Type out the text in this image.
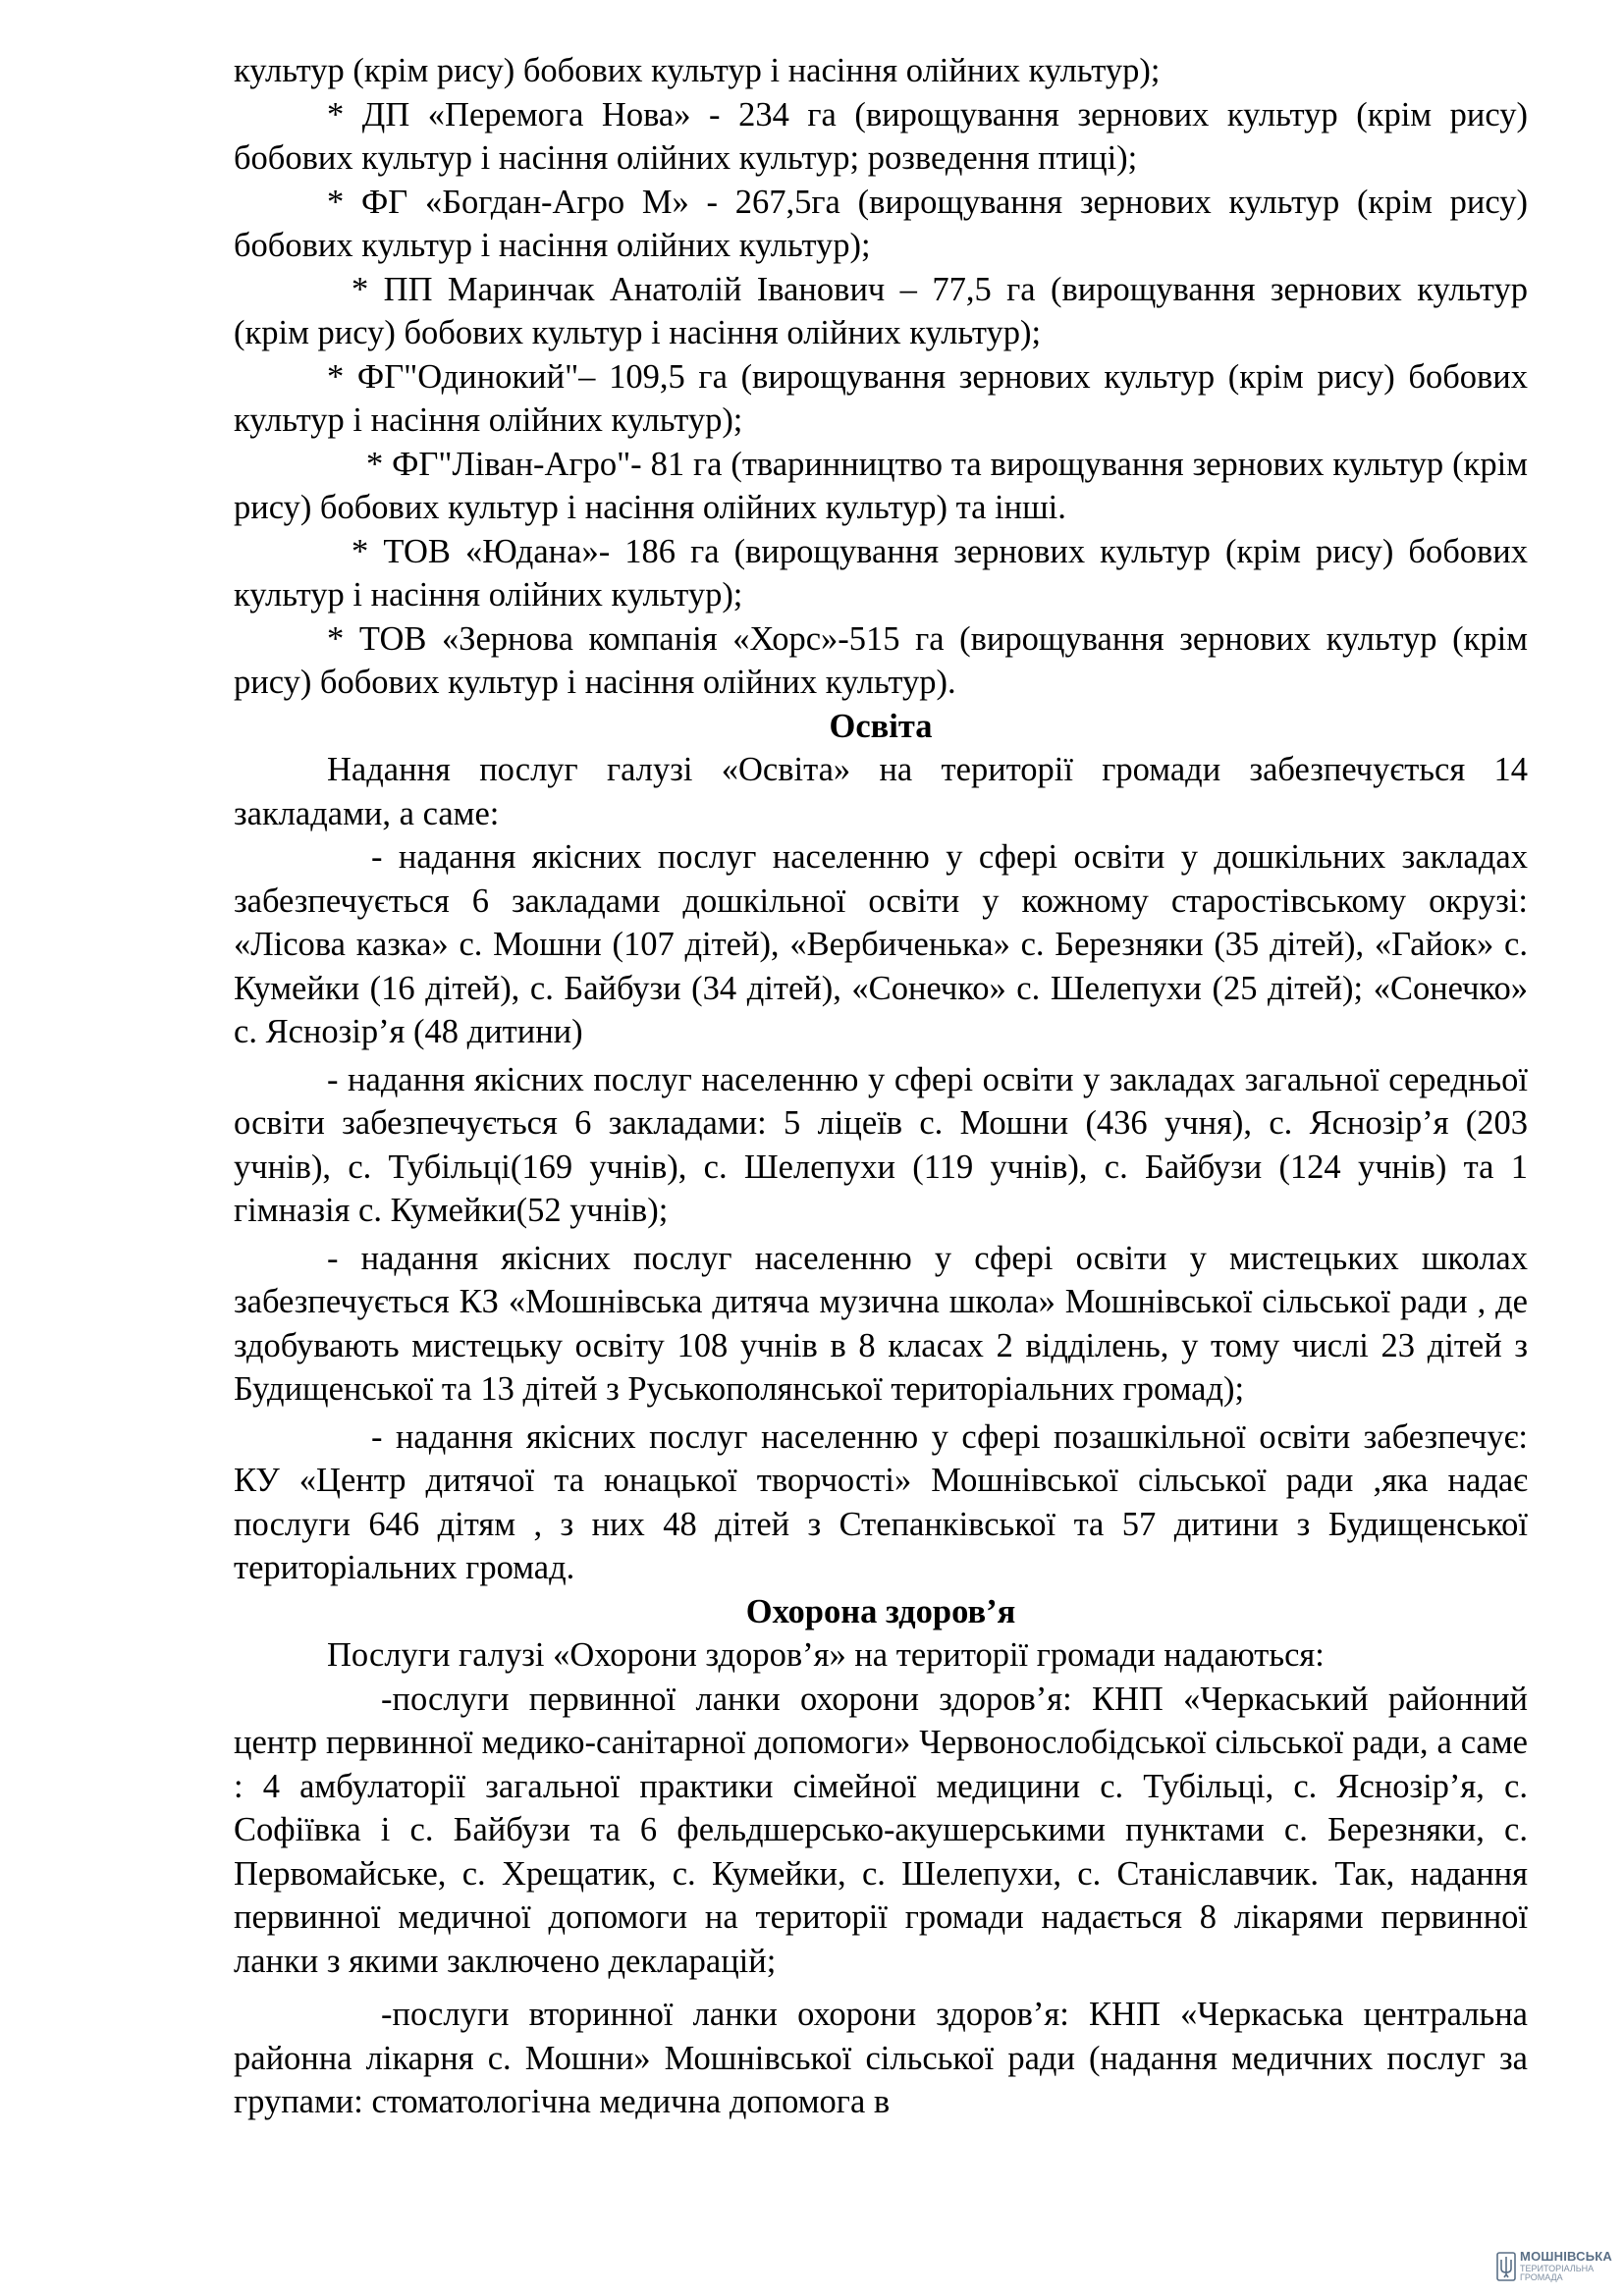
культур (крім рису) бобових культур і насіння олійних культур);

* ДП «Перемога Нова» - 234 га (вирощування зернових культур (крім рису) бобових культур і насіння олійних культур; розведення птиці);

* ФГ «Богдан-Агро М» - 267,5га (вирощування зернових культур (крім рису) бобових культур і насіння олійних культур);

* ПП Маринчак Анатолій Іванович – 77,5 га (вирощування зернових культур (крім рису) бобових культур і насіння олійних культур);

* ФГ"Одинокий"– 109,5 га (вирощування зернових культур (крім рису) бобових культур і насіння олійних культур);

* ФГ"Ліван-Агро"- 81 га (тваринництво та вирощування зернових культур (крім рису) бобових культур і насіння олійних культур) та інші.

* ТОВ «Юдана»- 186 га (вирощування зернових культур (крім рису) бобових культур і насіння олійних культур);

* ТОВ «Зернова компанія «Хорс»-515 га (вирощування зернових культур (крім рису) бобових культур і насіння олійних культур).

Освіта

Надання послуг галузі «Освіта» на території громади забезпечується 14 закладами, а саме:

- надання якісних послуг населенню у сфері освіти у дошкільних закладах забезпечується 6 закладами дошкільної освіти у кожному старостівському окрузі: «Лісова казка» с. Мошни (107 дітей), «Вербиченька» с. Березняки (35 дітей), «Гайок» с. Кумейки (16 дітей), с. Байбузи (34 дітей), «Сонечко» с. Шелепухи (25 дітей); «Сонечко» с. Яснозір’я (48 дитини)

- надання якісних послуг населенню у сфері освіти у закладах загальної середньої освіти забезпечується 6 закладами: 5 ліцеїв с. Мошни (436 учня), с. Яснозір’я (203 учнів), с. Тубільці(169 учнів), с. Шелепухи (119 учнів), с. Байбузи (124 учнів) та 1 гімназія с. Кумейки(52 учнів);

- надання якісних послуг населенню у сфері освіти у мистецьких школах забезпечується КЗ «Мошнівська дитяча музична школа» Мошнівської сільської ради , де здобувають мистецьку освіту 108 учнів в 8 класах 2 відділень, у тому числі 23 дітей з Будищенської та 13 дітей з Руськополянської територіальних громад);

- надання якісних послуг населенню у сфері позашкільної освіти забезпечує: КУ «Центр дитячої та юнацької творчості» Мошнівської сільської ради ,яка надає послуги 646 дітям , з них 48 дітей з Степанківської та 57 дитини з Будищенської територіальних громад.

Охорона здоров’я

Послуги галузі «Охорони здоров’я» на території громади надаються:

-послуги первинної ланки охорони здоров’я: КНП «Черкаський районний центр первинної медико-санітарної допомоги» Червонослобідської сільської ради, а саме : 4 амбулаторії загальної практики сімейної медицини с. Тубільці, с. Яснозір’я, с. Софіївка і с. Байбузи та 6 фельдшерсько-акушерськими пунктами с. Березняки, с. Первомайське, с. Хрещатик, с. Кумейки, с. Шелепухи, с. Станіславчик. Так, надання первинної медичної допомоги на території громади надається 8 лікарями первинної ланки з якими заключено декларацій;

-послуги вторинної ланки охорони здоров’я: КНП «Черкаська центральна районна лікарня с. Мошни» Мошнівської сільської ради (надання медичних послуг за групами: стоматологічна медична допомога в

МОШНІВСЬКА
ТЕРИТОРІАЛЬНА
ГРОМАДА
